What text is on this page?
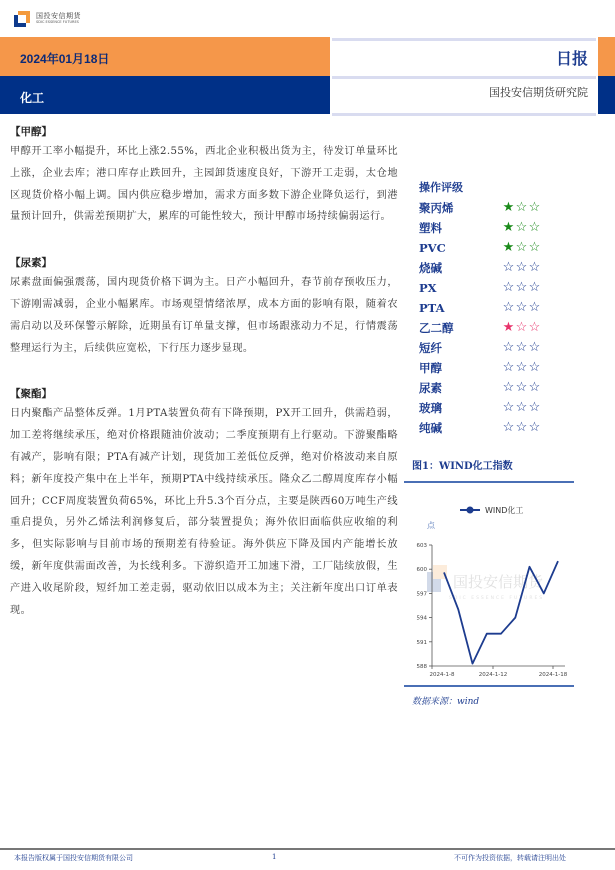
国投安信期货
SDIC ESSENCE FUTURES
2024年01月18日
化工
日报
国投安信期货研究院
【甲醇】
甲醇开工率小幅提升，环比上涨2.55%，西北企业积极出货为主，待发订单量环比上涨，企业去库；港口库存止跌回升，主园卸货速度良好，下游开工走弱，太仓地区现货价格小幅上调。国内供应稳步增加，需求方面多数下游企业降负运行，到港量预计回升，供需差预期扩大，累库的可能性较大，预计甲醇市场持续偏弱运行。
【尿素】
尿素盘面偏强震荡，国内现货价格下调为主。日产小幅回升，春节前存预收压力，下游刚需减弱，企业小幅累库。市场观望情绪浓厚，成本方面的影响有限，随着农需启动以及环保警示解除，近期虽有订单量支撑，但市场跟涨动力不足，行情震荡整理运行为主，后续供应宽松，下行压力逐步显现。
【聚酯】
日内聚酯产品整体反弹。1月PTA装置负荷有下降预期，PX开工回升，供需趋弱，加工差将继续承压，绝对价格跟随油价波动；二季度预期有上行驱动。下游聚酯略有减产，影响有限；PTA有减产计划，现货加工差低位反弹，绝对价格波动来自原料；新年度投产集中在上半年，预期PTA中线持续承压。隆众乙二醇周度库存小幅回升；CCF周度装置负荷65%，环比上升5.3个百分点，主要是陕西60万吨生产线重启提负，另外乙烯法利润修复后，部分装置提负；海外依旧面临供应收缩的利多，但实际影响与目前市场的预期差有待验证。海外供应下降及国内产能增长放缓，新年度供需面改善，为长线利多。下游织造开工加速下滑，工厂陆续放假，生产进入收尾阶段，短纤加工差走弱，驱动依旧以成本为主；关注新年度出口订单表现。
操作评级
聚丙烯	★ ☆ ☆
塑料	★ ☆ ☆
PVC	★ ☆ ☆
烧碱	☆ ☆ ☆
PX	☆ ☆ ☆
PTA	☆ ☆ ☆
乙二醇	★ ☆ ☆
短纤	☆ ☆ ☆
甲醇	☆ ☆ ☆
尿素	☆ ☆ ☆
玻璃	☆ ☆ ☆
纯碱	☆ ☆ ☆
图1：WIND化工指数
国投安信期货
SDIC ESSENCE FUTURES
WIND化工
点
588
591
594
597
600
603
2024-1-8	2024-1-12	2024-1-18
数据来源：wind
本报告版权属于国投安信期货有限公司	1	不可作为投资依据，转载请注明出处
